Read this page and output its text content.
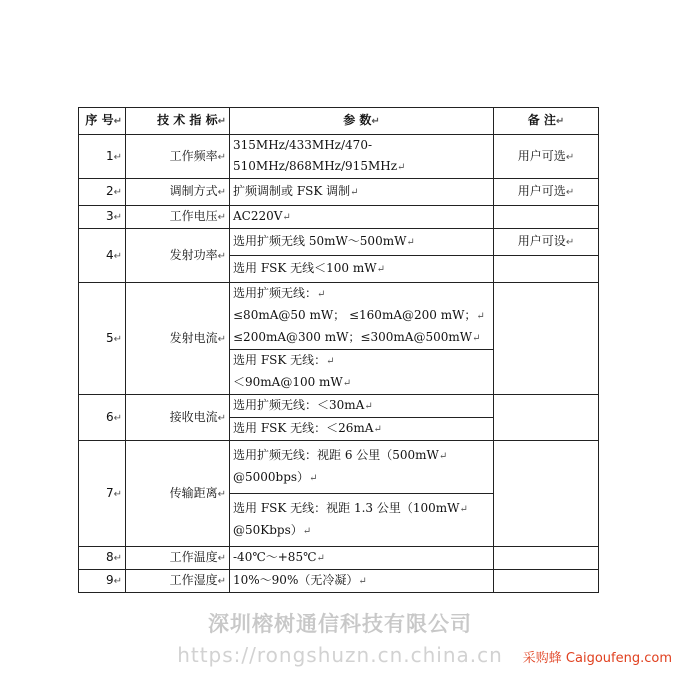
序 号↵	技 术 指 标↵	参 数↵	备 注↵
1↵	工作频率↵	315MHz/433MHz/470-510MHz/868MHz/915MHz↵	用户可选↵
2↵	调制方式↵	扩频调制或 FSK 调制↵	用户可选↵
3↵	工作电压↵	AC220V↵	
4↵	发射功率↵	选用扩频无线 50mW～500mW↵	用户可设↵
		选用 FSK 无线＜100 mW↵	
5↵	发射电流↵	选用扩频无线：↵
≤80mA@50 mW； ≤160mA@200 mW；↵
≤200mA@300 mW；≤300mA@500mW↵	
		选用 FSK 无线：↵
＜90mA@100 mW↵	
6↵	接收电流↵	选用扩频无线：＜30mA↵	
		选用 FSK 无线：＜26mA↵	
7↵	传输距离↵	选用扩频无线：视距 6 公里（500mW↵
@5000bps）↵	
		选用 FSK 无线：视距 1.3 公里（100mW↵
@50Kbps）↵	
8↵	工作温度↵	-40℃～+85℃↵	
9↵	工作湿度↵	10%～90%（无冷凝）↵	
深圳榕树通信科技有限公司
https://rongshuzn.cn.china.cn	采购蜂 Caigoufeng.com
